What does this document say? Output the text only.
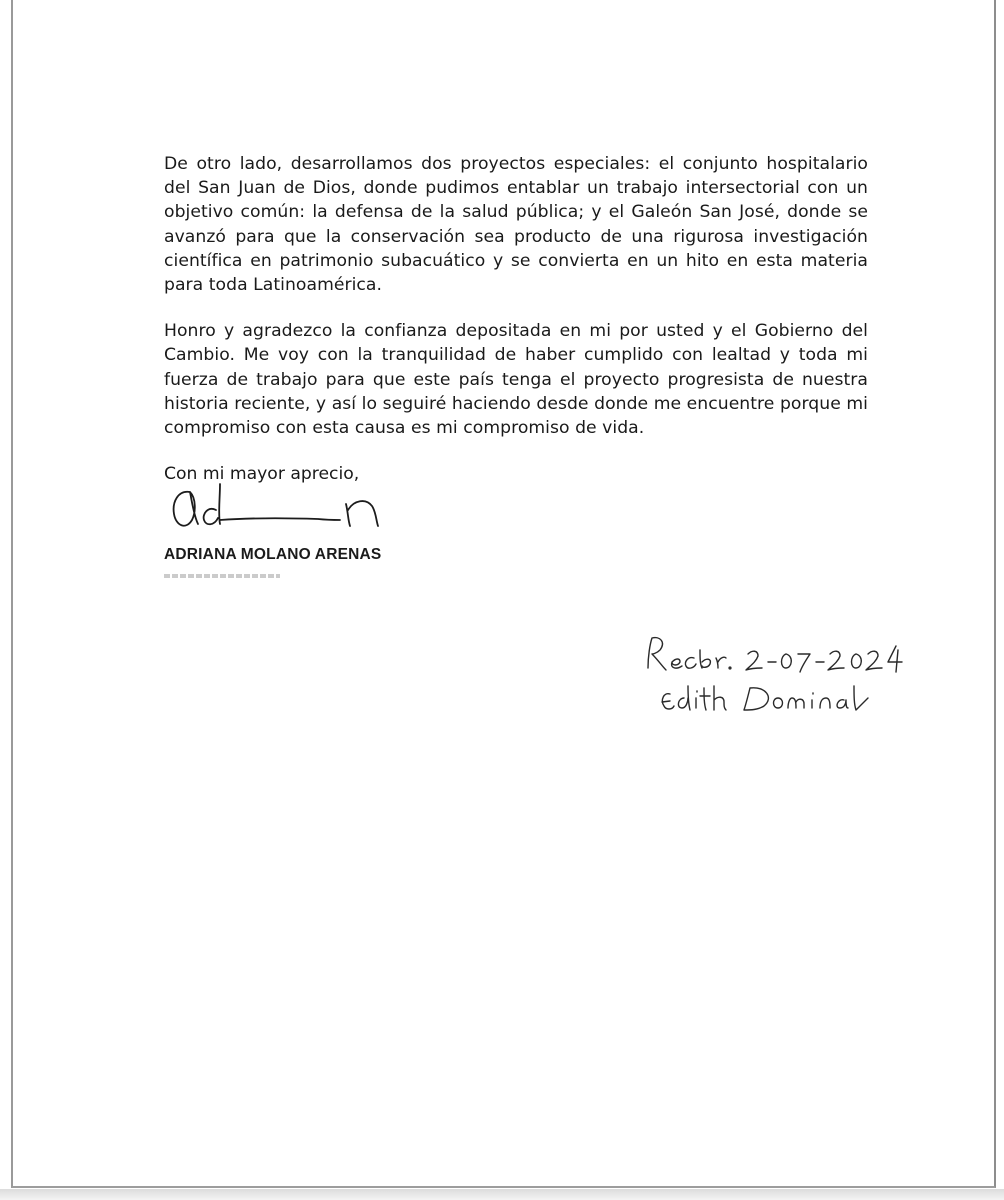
De otro lado, desarrollamos dos proyectos especiales: el conjunto hospitalario del San Juan de Dios, donde pudimos entablar un trabajo intersectorial con un objetivo común: la defensa de la salud pública; y el Galeón San José, donde se avanzó para que la conservación sea producto de una rigurosa investigación científica en patrimonio subacuático y se convierta en un hito en esta materia para toda Latinoamérica.

Honro y agradezco la confianza depositada en mi por usted y el Gobierno del Cambio. Me voy con la tranquilidad de haber cumplido con lealtad y toda mi fuerza de trabajo para que este país tenga el proyecto progresista de nuestra historia reciente, y así lo seguiré haciendo desde donde me encuentre porque mi compromiso con esta causa es mi compromiso de vida.

Con mi mayor aprecio,

ADRIANA MOLANO ARENAS
